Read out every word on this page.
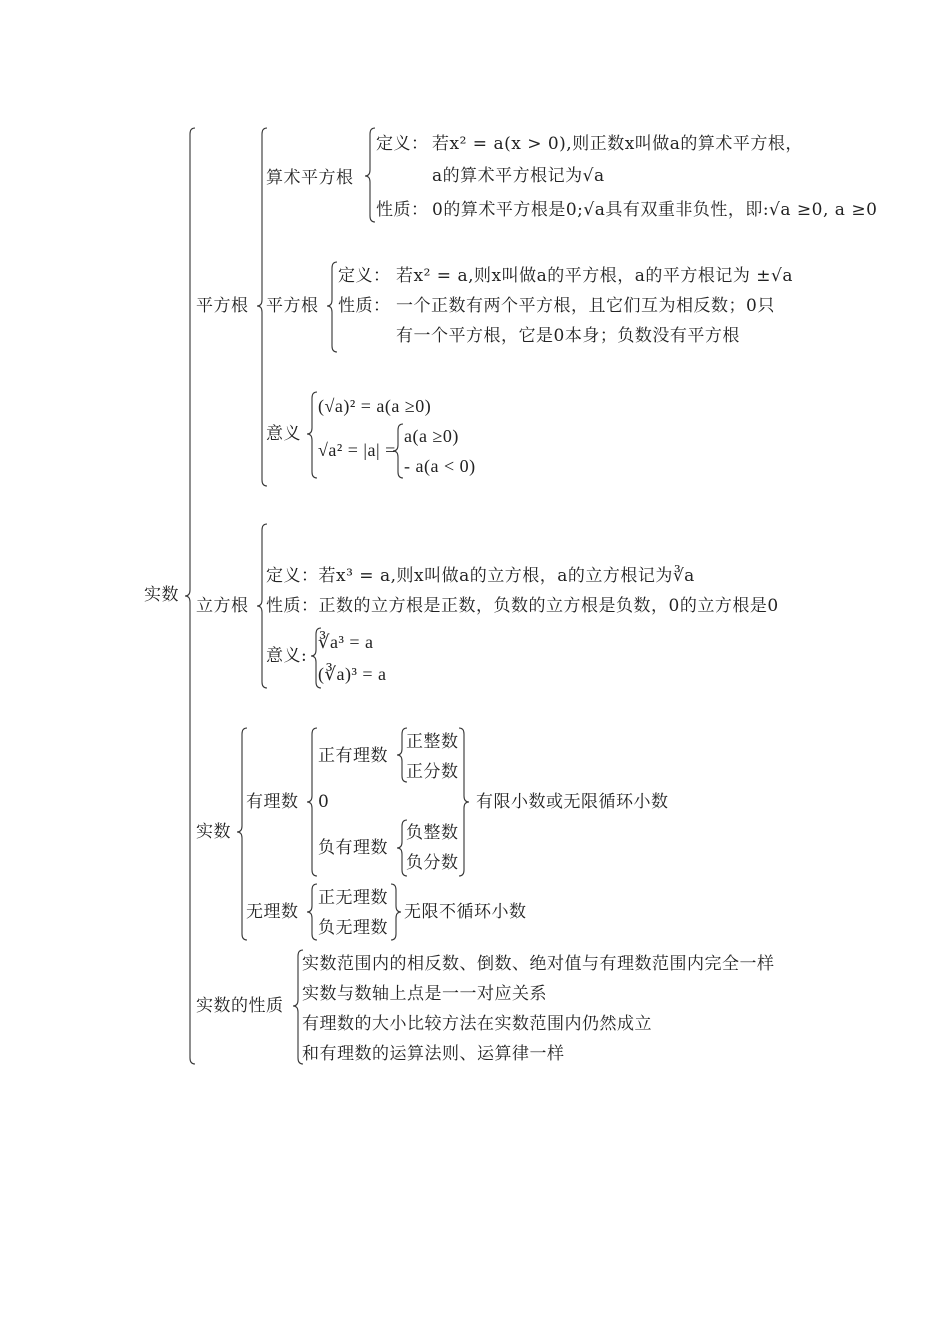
实数
平方根
算术平方根
定义： 若x² = a(x > 0),则正数x叫做a的算术平方根，
a的算术平方根记为√a
性质： 0的算术平方根是0;√a具有双重非负性，即:√a ≥0, a ≥0
平方根
定义： 若x² = a,则x叫做a的平方根，a的平方根记为 ±√a
性质： 一个正数有两个平方根，且它们互为相反数；0只
有一个平方根，它是0本身；负数没有平方根
意义
(√a)² = a(a ≥0)
√a² = |a| =
a(a ≥0)
- a(a < 0)
立方根
定义：若x³ = a,则x叫做a的立方根，a的立方根记为∛a
性质：正数的立方根是正数，负数的立方根是负数，0的立方根是0
意义:
∛a³ = a
(∛a)³ = a
实数
有理数
正有理数
正整数
正分数
0
负有理数
负整数
负分数
有限小数或无限循环小数
无理数
正无理数
负无理数
无限不循环小数
实数的性质
实数范围内的相反数、倒数、绝对值与有理数范围内完全一样
实数与数轴上点是一一对应关系
有理数的大小比较方法在实数范围内仍然成立
和有理数的运算法则、运算律一样
